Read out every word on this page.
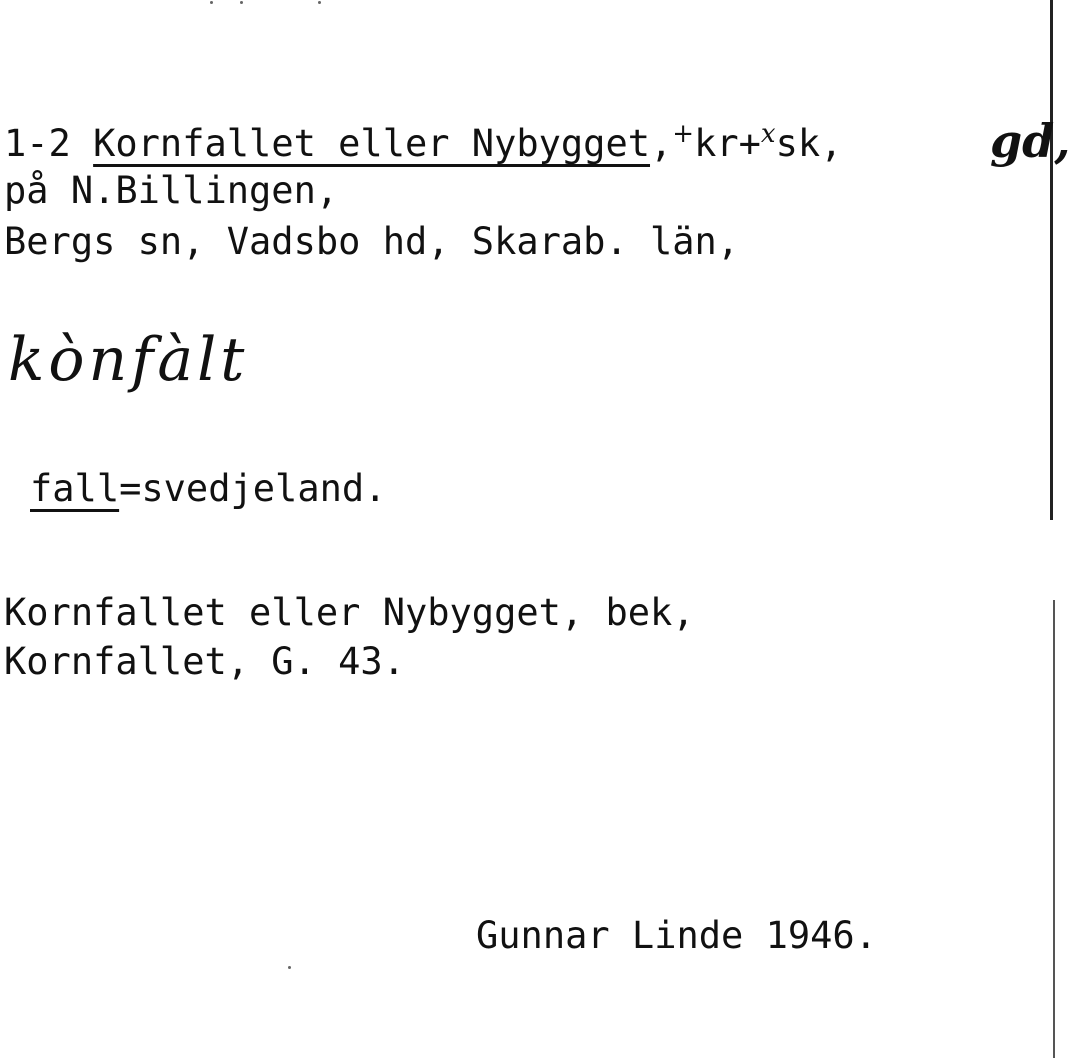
1-2 Kornfallet eller Nybygget,+kr+$^x$sk,	gd,
på N.Billingen,
Bergs sn, Vadsbo hd, Skarab. län,
kònfàlt
fall=svedjeland.
Kornfallet eller Nybygget, bek,
Kornfallet, G. 43.
Gunnar Linde 1946.
